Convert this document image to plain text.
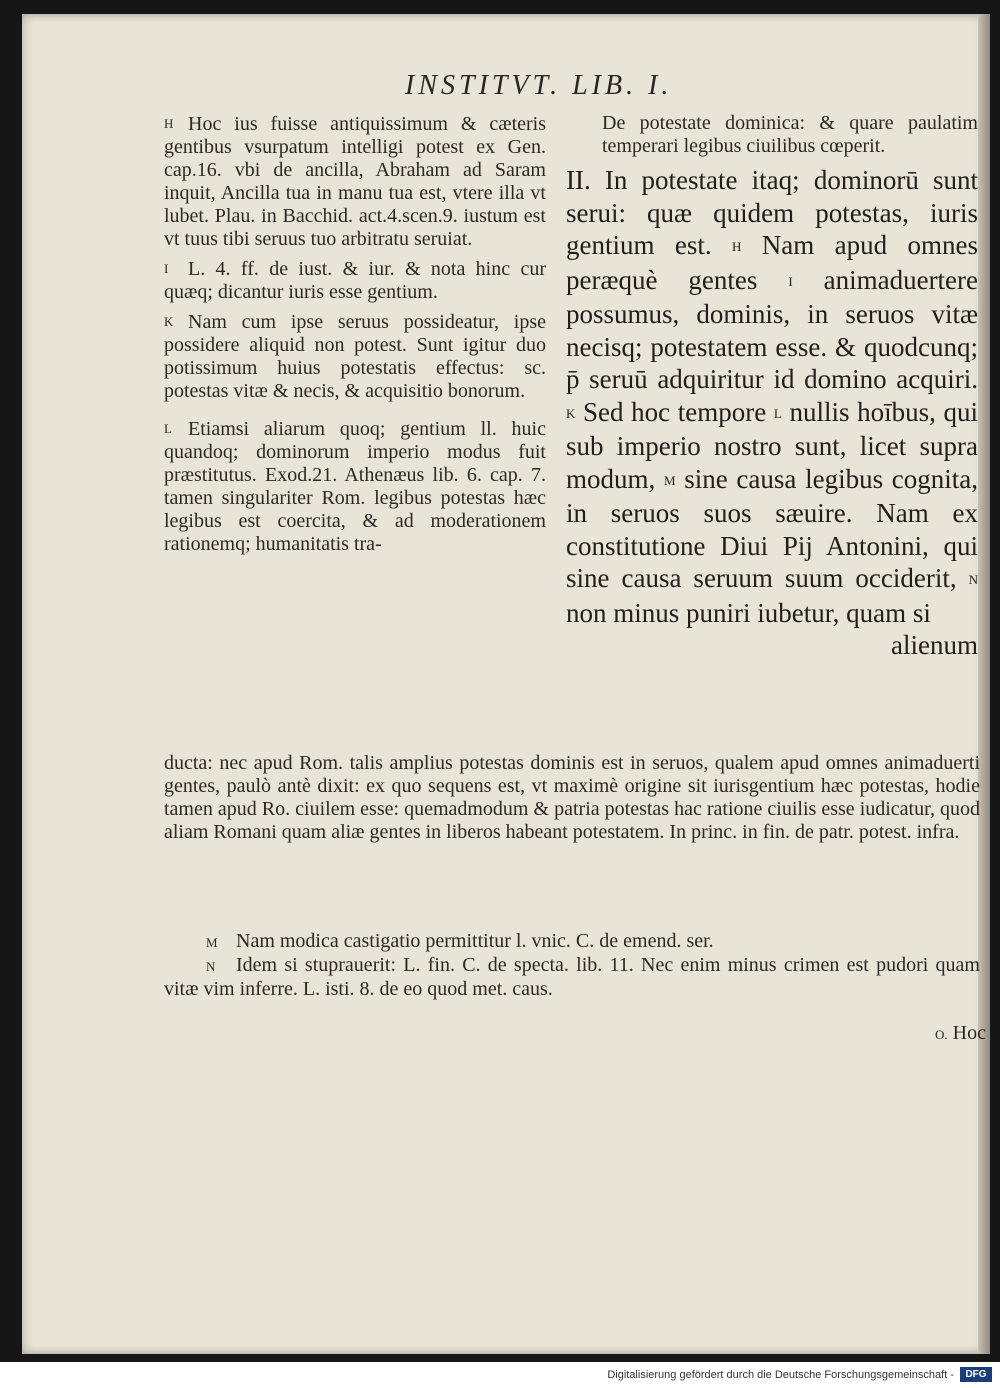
INSTITVT. LIB. I.
H Hoc ius fuisse antiquissimum & cæteris gentibus vsurpatum intelligi potest ex Gen. cap.16. vbi de ancilla, Abraham ad Saram inquit, Ancilla tua in manu tua est, vtere illa vt lubet. Plau. in Bacchid. act.4.scen.9. iustum est vt tuus tibi seruus tuo arbitratu seruiat.
I L. 4. ff. de iust. & iur. & nota hinc cur quæq; dicantur iuris esse gentium.
K Nam cum ipse seruus possideatur, ipse possidere aliquid non potest. Sunt igitur duo potissimum huius potestatis effectus: sc. potestas vitæ & necis, & acquisitio bonorum.
L Etiamsi aliarum quoq; gentium ll. huic quandoq; dominorum imperio modus fuit præstitutus. Exod.21. Athenæus lib. 6. cap. 7. tamen singulariter Rom. legibus potestas hæc legibus est coercita, & ad moderationem rationemq; humanitatis tra-
De potestate dominica: & quare paulatim temperari legibus ciuilibus cœperit.
II. In potestate itaq; dominorū sunt serui: quæ quidem potestas, iuris gentium est. H Nam apud omnes peræquè gentes I animaduertere possumus, dominis, in seruos vitæ necisq; potestatem esse. & quodcunq; p̄ seruū adquiritur id domino acquiri. K Sed hoc tempore L nullis hoībus, qui sub imperio nostro sunt, licet supra modum, M sine causa legibus cognita, in seruos suos sæuire. Nam ex constitutione Diui Pij Antonini, qui sine causa seruum suum occiderit, N non minus puniri iubetur, quam si
alienum
ducta: nec apud Rom. talis amplius potestas dominis est in seruos, qualem apud omnes animaduerti gentes, paulò antè dixit: ex quo sequens est, vt maximè origine sit iurisgentium hæc potestas, hodie tamen apud Ro. ciuilem esse: quemadmodum & patria potestas hac ratione ciuilis esse iudicatur, quod aliam Romani quam aliæ gentes in liberos habeant potestatem. In princ. in fin. de patr. potest. infra.
M Nam modica castigatio permittitur l. vnic. C. de emend. ser.
N Idem si stuprauerit: L. fin. C. de specta. lib. 11. Nec enim minus crimen est pudori quam vitæ vim inferre. L. isti. 8. de eo quod met. caus.
O. Hoc
Digitalisierung gefördert durch die Deutsche Forschungsgemeinschaft -	DFG
